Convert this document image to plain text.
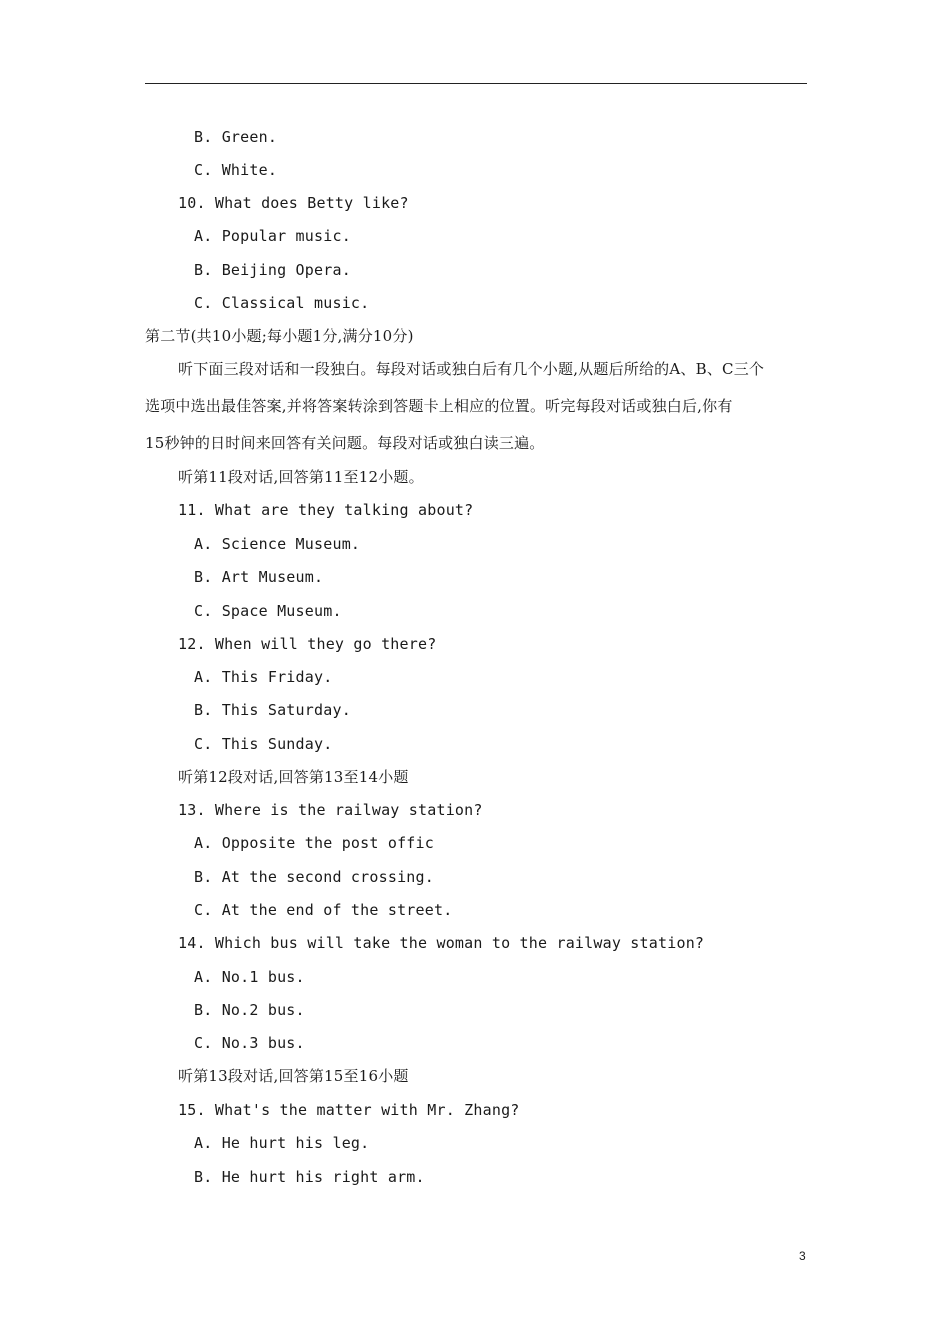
B. Green.
C. White.
10. What does Betty like?
A. Popular music.
B. Beijing Opera.
C. Classical music.
第二节(共10小题;每小题1分,满分10分)
听下面三段对话和一段独白。每段对话或独白后有几个小题,从题后所给的A、B、C三个
选项中选出最佳答案,并将答案转涂到答题卡上相应的位置。听完每段对话或独白后,你有
15秒钟的日时间来回答有关问题。每段对话或独白读三遍。
听第11段对话,回答第11至12小题。
11. What are they talking about?
A. Science Museum.
B. Art Museum.
C. Space Museum.
12. When will they go there?
A. This Friday.
B. This Saturday.
C. This Sunday.
听第12段对话,回答第13至14小题
13. Where is the railway station?
A. Opposite the post offic
B. At the second crossing.
C. At the end of the street.
14. Which bus will take the woman to the railway station?
A. No.1 bus.
B. No.2 bus.
C. No.3 bus.
听第13段对话,回答第15至16小题
15. What's the matter with Mr. Zhang?
A. He hurt his leg.
B. He hurt his right arm.
3
